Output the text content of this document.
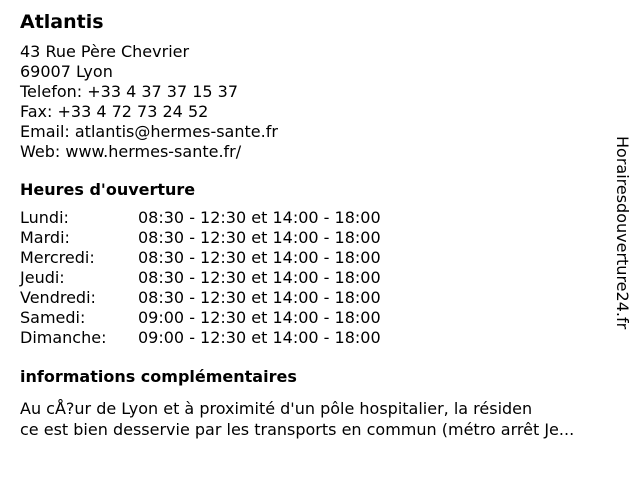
Atlantis
43 Rue Père Chevrier
69007 Lyon
Telefon: +33 4 37 37 15 37
Fax: +33 4 72 73 24 52
Email: atlantis@hermes-sante.fr
Web: www.hermes-sante.fr/
Heures d'ouverture
Lundi:	08:30 - 12:30 et 14:00 - 18:00
Mardi:	08:30 - 12:30 et 14:00 - 18:00
Mercredi:	08:30 - 12:30 et 14:00 - 18:00
Jeudi:	08:30 - 12:30 et 14:00 - 18:00
Vendredi:	08:30 - 12:30 et 14:00 - 18:00
Samedi:	09:00 - 12:30 et 14:00 - 18:00
Dimanche:	09:00 - 12:30 et 14:00 - 18:00
informations complémentaires
Au cÅ?ur de Lyon et à proximité d'un pôle hospitalier, la résiden
ce est bien desservie par les transports en commun (métro arrêt Je...
Horairesdouverture24.fr
